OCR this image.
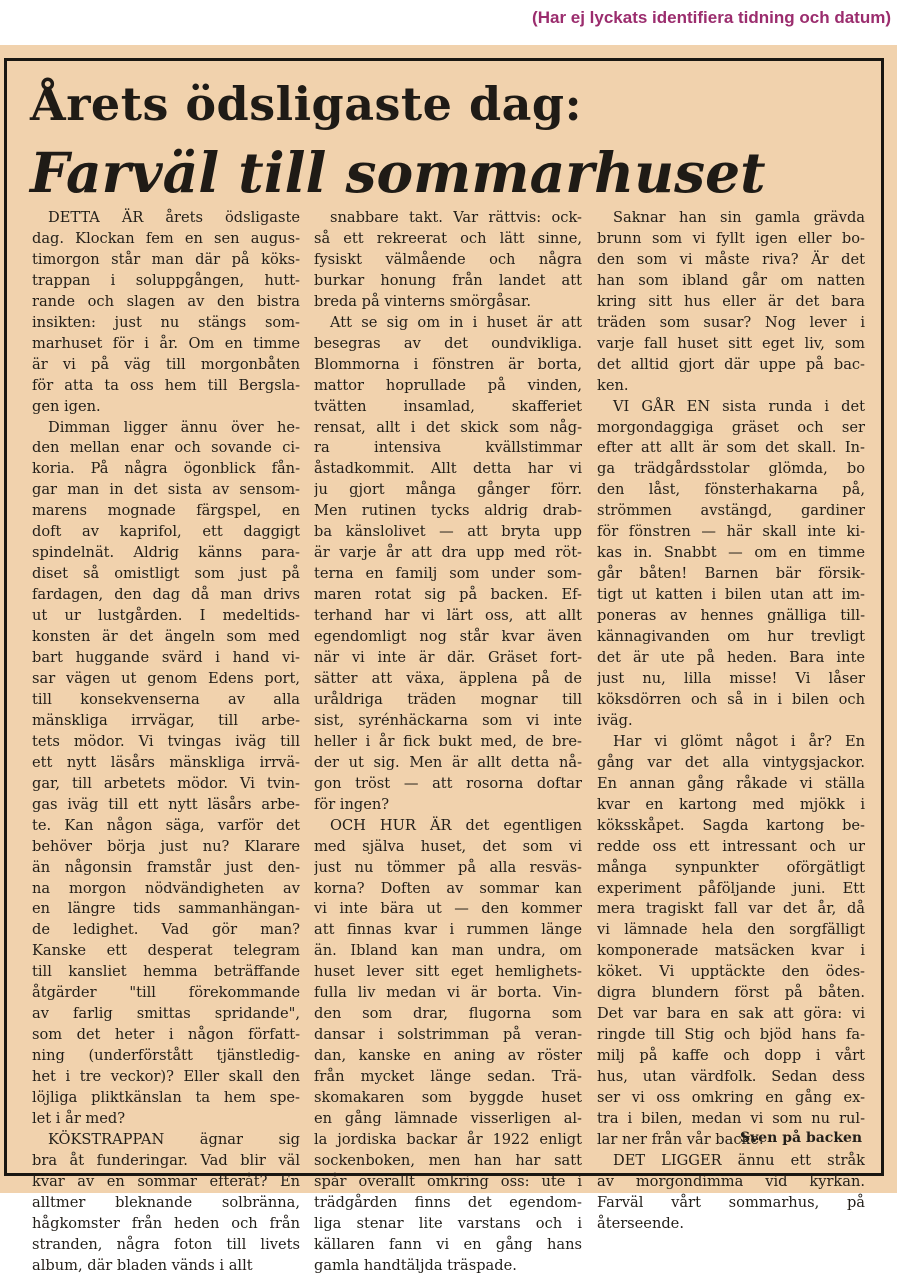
(Har ej lyckats identifiera tidning och datum)
Årets ödsligaste dag:
Farväl till sommarhuset
DETTA ÄR årets ödsligaste
dag. Klockan fem en sen augus-
timorgon står man där på köks-
trappan i soluppgången, hutt-
rande och slagen av den bistra
insikten: just nu stängs som-
marhuset för i år. Om en timme
är vi på väg till morgonbåten
för atta ta oss hem till Bergsla-
gen igen.
Dimman ligger ännu över he-
den mellan enar och sovande ci-
koria. På några ögonblick fån-
gar man in det sista av sensom-
marens mognade färgspel, en
doft av kaprifol, ett daggigt
spindelnät. Aldrig känns para-
diset så omistligt som just på
fardagen, den dag då man drivs
ut ur lustgården. I medeltids-
konsten är det ängeln som med
bart huggande svärd i hand vi-
sar vägen ut genom Edens port,
till konsekvenserna av alla
mänskliga irrvägar, till arbe-
tets mödor. Vi tvingas iväg till
ett nytt läsårs mänskliga irrvä-
gar, till arbetets mödor. Vi tvin-
gas iväg till ett nytt läsårs arbe-
te. Kan någon säga, varför det
behöver börja just nu? Klarare
än någonsin framstår just den-
na morgon nödvändigheten av
en längre tids sammanhängan-
de ledighet. Vad gör man?
Kanske ett desperat telegram
till kansliet hemma beträffande
åtgärder "till förekommande
av farlig smittas spridande",
som det heter i någon författ-
ning (underförstått tjänstledig-
het i tre veckor)? Eller skall den
löjliga pliktkänslan ta hem spe-
let i år med?
KÖKSTRAPPAN ägnar sig
bra åt funderingar. Vad blir väl
kvar av en sommar efteråt? En
alltmer bleknande solbränna,
hågkomster från heden och från
stranden, några foton till livets
album, där bladen vänds i allt
snabbare takt. Var rättvis: ock-
så ett rekreerat och lätt sinne,
fysiskt välmående och några
burkar honung från landet att
breda på vinterns smörgåsar.
Att se sig om in i huset är att
besegras av det oundvikliga.
Blommorna i fönstren är borta,
mattor hoprullade på vinden,
tvätten insamlad, skafferiet
rensat, allt i det skick som någ-
ra intensiva kvällstimmar
åstadkommit. Allt detta har vi
ju gjort många gånger förr.
Men rutinen tycks aldrig drab-
ba känslolivet — att bryta upp
är varje år att dra upp med röt-
terna en familj som under som-
maren rotat sig på backen. Ef-
terhand har vi lärt oss, att allt
egendomligt nog står kvar även
när vi inte är där. Gräset fort-
sätter att växa, äpplena på de
uråldriga träden mognar till
sist, syrénhäckarna som vi inte
heller i år fick bukt med, de bre-
der ut sig. Men är allt detta nå-
gon tröst — att rosorna doftar
för ingen?
OCH HUR ÄR det egentligen
med själva huset, det som vi
just nu tömmer på alla resväs-
korna? Doften av sommar kan
vi inte bära ut — den kommer
att finnas kvar i rummen länge
än. Ibland kan man undra, om
huset lever sitt eget hemlighets-
fulla liv medan vi är borta. Vin-
den som drar, flugorna som
dansar i solstrimman på veran-
dan, kanske en aning av röster
från mycket länge sedan. Trä-
skomakaren som byggde huset
en gång lämnade visserligen al-
la jordiska backar år 1922 enligt
sockenboken, men han har satt
spår överallt omkring oss: ute i
trädgården finns det egendom-
liga stenar lite varstans och i
källaren fann vi en gång hans
gamla handtäljda träspade.
Saknar han sin gamla grävda
brunn som vi fyllt igen eller bo-
den som vi måste riva? Är det
han som ibland går om natten
kring sitt hus eller är det bara
träden som susar? Nog lever i
varje fall huset sitt eget liv, som
det alltid gjort där uppe på bac-
ken.
VI GÅR EN sista runda i det
morgondaggiga gräset och ser
efter att allt är som det skall. In-
ga trädgårdsstolar glömda, bo
den låst, fönsterhakarna på,
strömmen avstängd, gardiner
för fönstren — här skall inte ki-
kas in. Snabbt — om en timme
går båten! Barnen bär försik-
tigt ut katten i bilen utan att im-
poneras av hennes gnälliga till-
kännagivanden om hur trevligt
det är ute på heden. Bara inte
just nu, lilla misse! Vi låser
köksdörren och så in i bilen och
iväg.
Har vi glömt något i år? En
gång var det alla vintygsjackor.
En annan gång råkade vi ställa
kvar en kartong med mjökk i
köksskåpet. Sagda kartong be-
redde oss ett intressant och ur
många synpunkter oförgätligt
experiment påföljande juni. Ett
mera tragiskt fall var det år, då
vi lämnade hela den sorgfälligt
komponerade matsäcken kvar i
köket. Vi upptäckte den ödes-
digra blundern först på båten.
Det var bara en sak att göra: vi
ringde till Stig och bjöd hans fa-
milj på kaffe och dopp i vårt
hus, utan värdfolk. Sedan dess
ser vi oss omkring en gång ex-
tra i bilen, medan vi som nu rul-
lar ner från vår backe.
DET LIGGER ännu ett stråk
av morgondimma vid kyrkan.
Farväl vårt sommarhus, på
återseende.
Sven på backen
